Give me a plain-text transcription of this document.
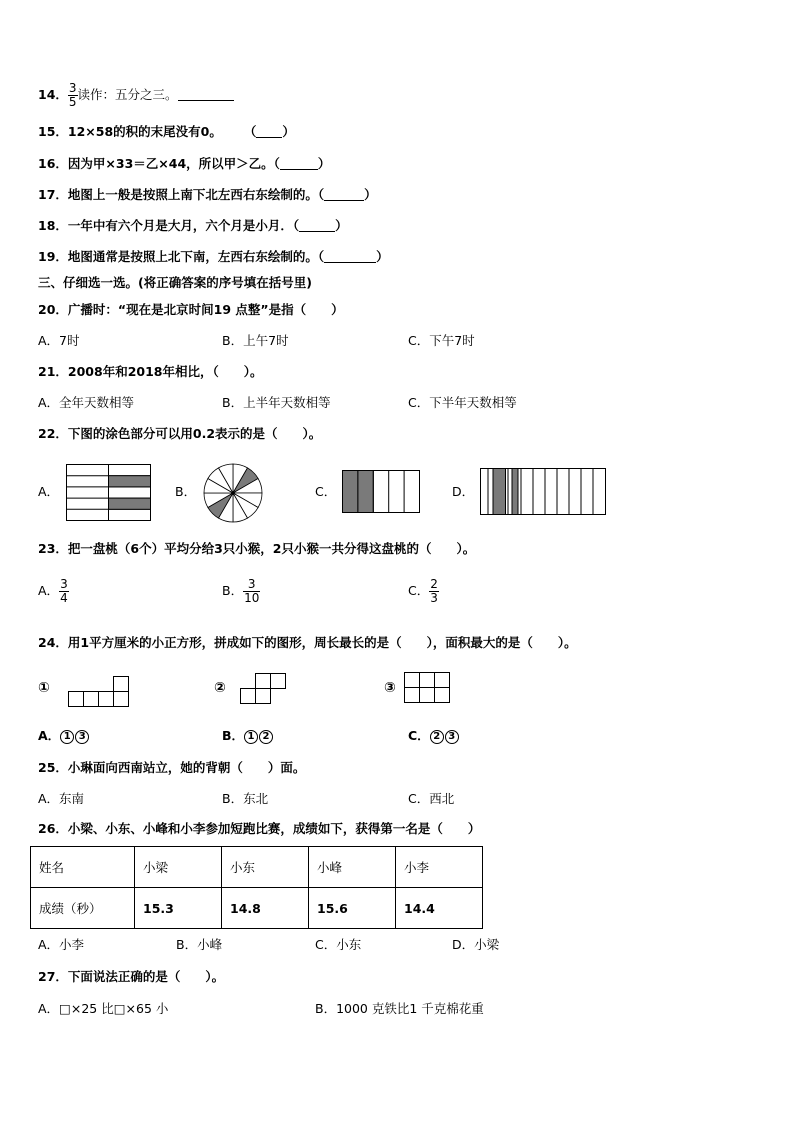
14． $\frac{3}{5}$ 读作：五分之三。
15．12×58的积的末尾没有0。 （ ）
16．因为甲×33＝乙×44，所以甲＞乙。（	）
17．地图上一般是按照上南下北左西右东绘制的。（	）
18．一年中有六个月是大月，六个月是小月．（	）
19．地图通常是按照上北下南，左西右东绘制的。（	）
三、仔细选一选。(将正确答案的序号填在括号里)
20．广播时：“现在是北京时间19 点整”是指（　　）
A．7时	B．上午7时	C．下午7时
21．2008年和2018年相比，（　　）。
A．全年天数相等	B．上半年天数相等	C．下半年天数相等
22．下图的涂色部分可以用0.2表示的是（　　）。
A．	B．	C．	D．
23．把一盘桃（6个）平均分给3只小猴，2只小猴一共分得这盘桃的（　　）。
A． $\frac{3}{4}$	B． $\frac{3}{10}$	C． $\frac{2}{3}$
24．用1平方厘米的小正方形，拼成如下的图形，周长最长的是（　　），面积最大的是（　　）。
①	②	③
A． 1 3	B． 1 2	C． 2 3
25．小琳面向西南站立，她的背朝（　　）面。
A．东南	B．东北	C．西北
26．小梁、小东、小峰和小李参加短跑比赛，成绩如下，获得第一名是（　　）
姓名	小梁	小东	小峰	小李
成绩（秒）	15.3	14.8	15.6	14.4
A．小李	B．小峰	C．小东	D．小梁
27．下面说法正确的是（　　）。
A．□×25 比□×65 小	B．1000 克铁比1 千克棉花重
